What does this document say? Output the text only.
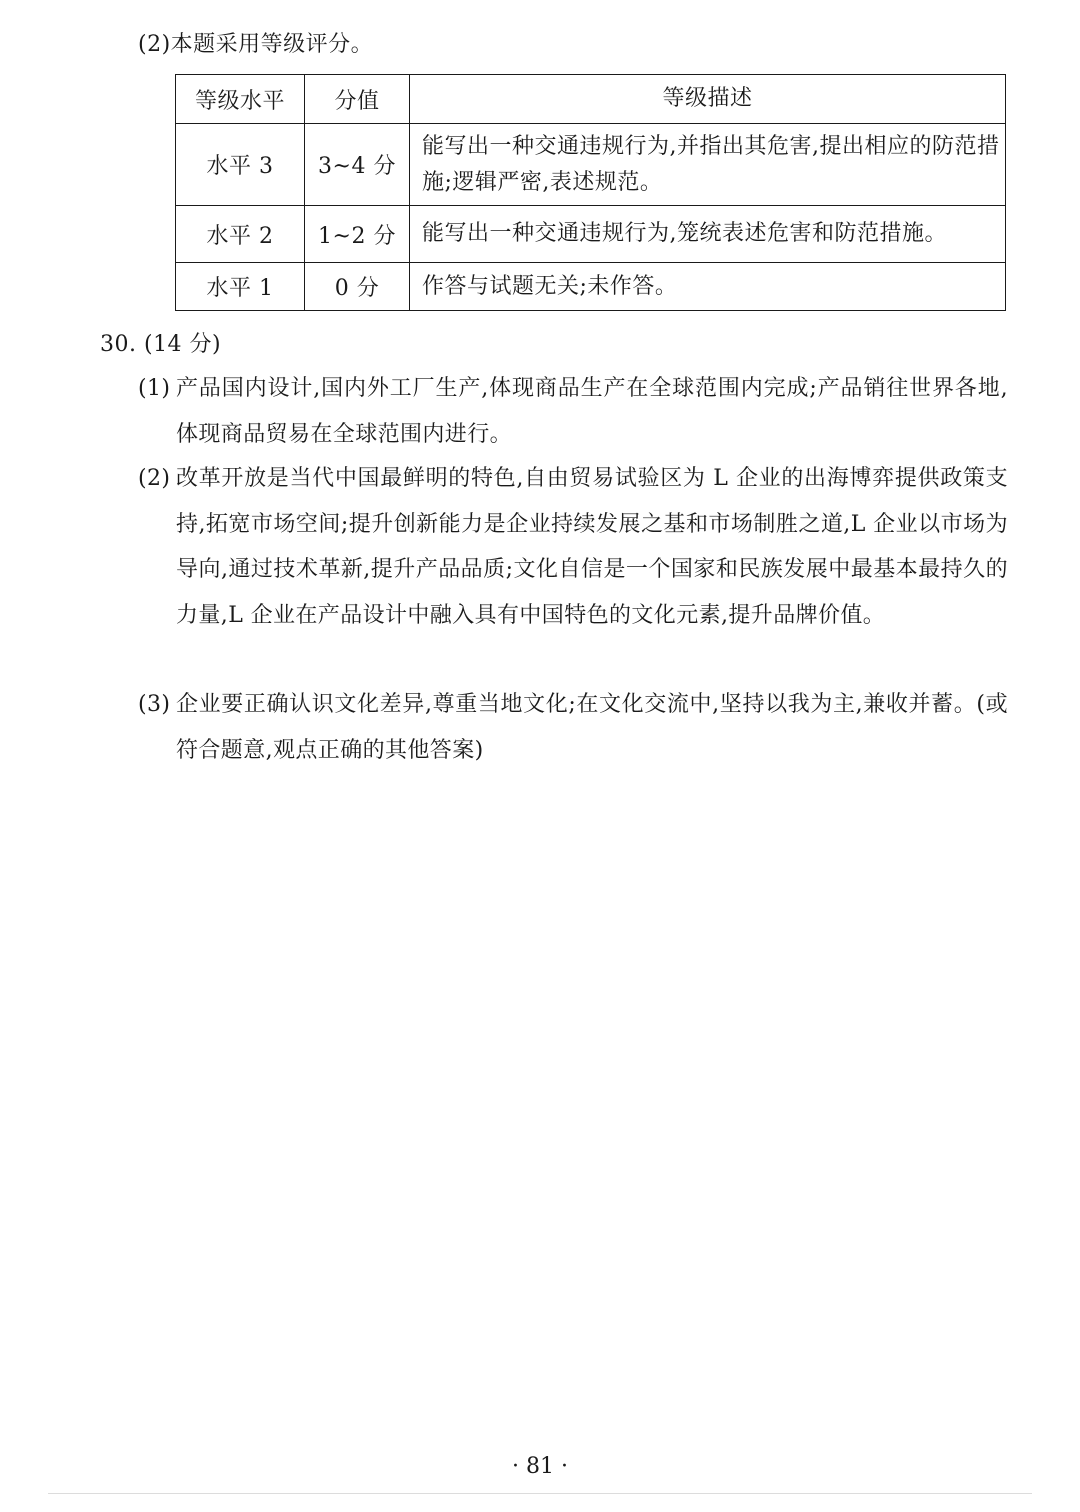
(2)本题采用等级评分。
等级水平	分值	等级描述
水平 3	3~4 分	能写出一种交通违规行为,并指出其危害,提出相应的防范措施;逻辑严密,表述规范。
水平 2	1~2 分	能写出一种交通违规行为,笼统表述危害和防范措施。
水平 1	0 分	作答与试题无关;未作答。
30. (14 分)
(1) 产品国内设计,国内外工厂生产,体现商品生产在全球范围内完成;产品销往世界各地,体现商品贸易在全球范围内进行。
(2) 改革开放是当代中国最鲜明的特色,自由贸易试验区为 L 企业的出海博弈提供政策支持,拓宽市场空间;提升创新能力是企业持续发展之基和市场制胜之道,L 企业以市场为导向,通过技术革新,提升产品品质;文化自信是一个国家和民族发展中最基本最持久的力量,L 企业在产品设计中融入具有中国特色的文化元素,提升品牌价值。
(3) 企业要正确认识文化差异,尊重当地文化;在文化交流中,坚持以我为主,兼收并蓄。(或符合题意,观点正确的其他答案)
· 81 ·
